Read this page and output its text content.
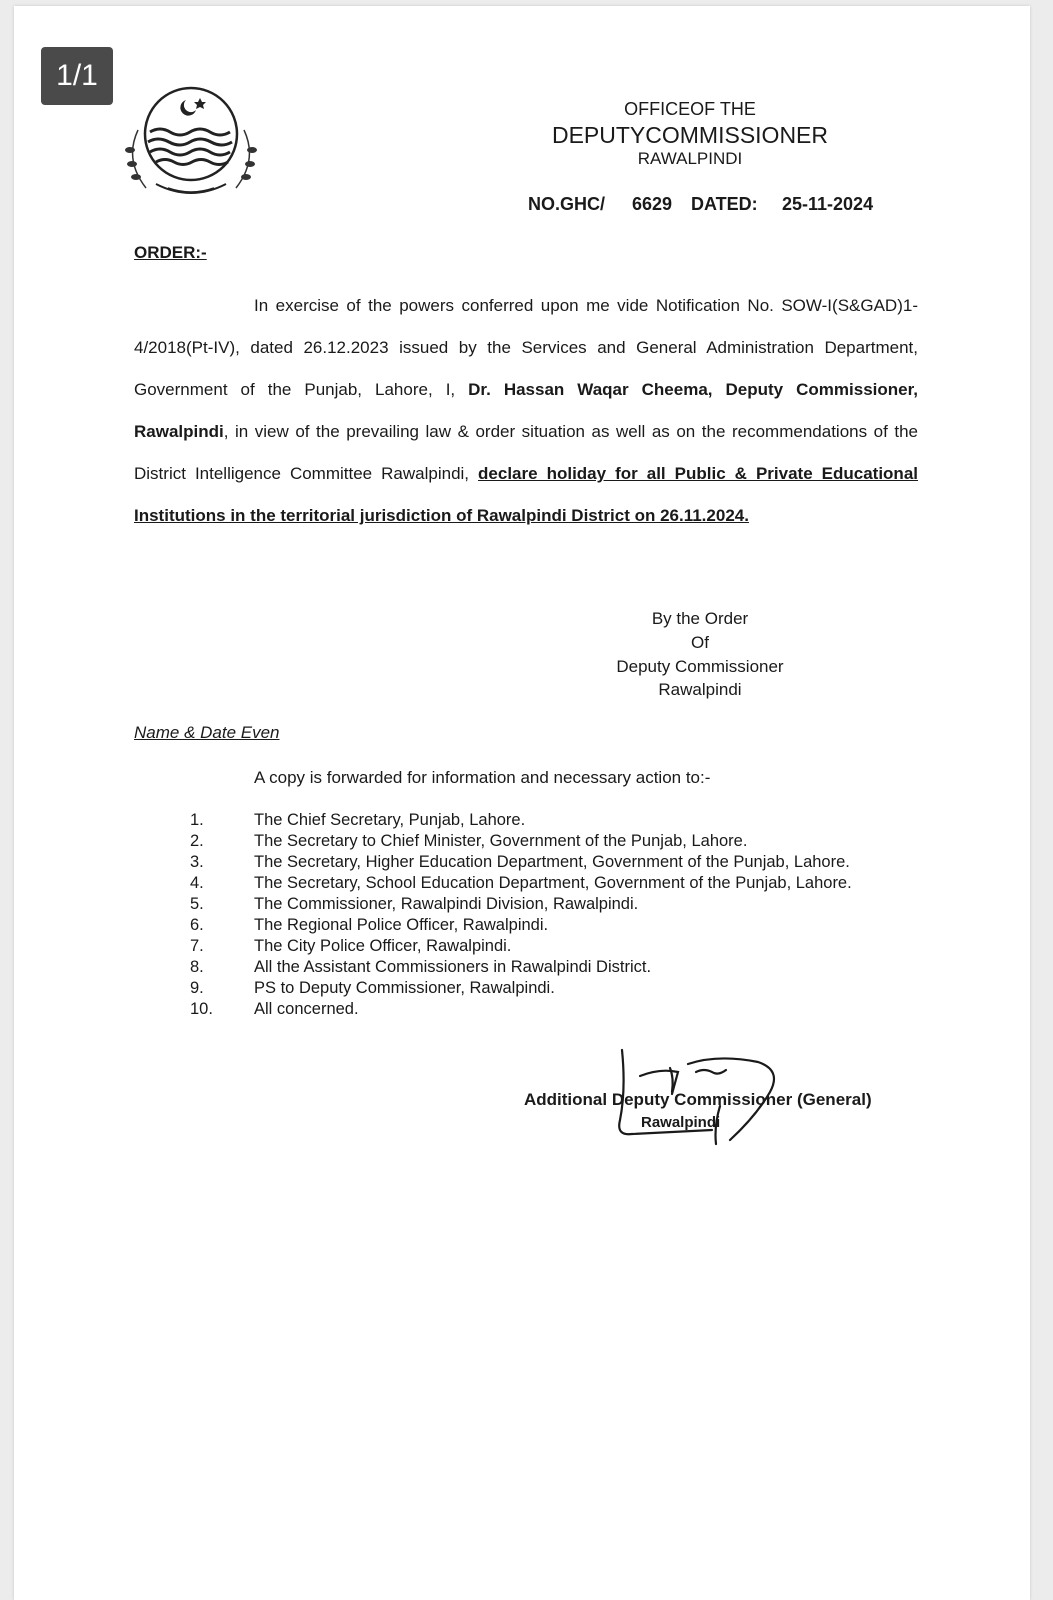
1/1
OFFICEOF THE
DEPUTYCOMMISSIONER
RAWALPINDI
NO.GHC/ 6629 DATED: 25-11-2024
ORDER:-

In exercise of the powers conferred upon me vide Notification No. SOW-I(S&GAD)1-4/2018(Pt-IV), dated 26.12.2023 issued by the Services and General Administration Department, Government of the Punjab, Lahore, I, Dr. Hassan Waqar Cheema, Deputy Commissioner, Rawalpindi, in view of the prevailing law & order situation as well as on the recommendations of the District Intelligence Committee Rawalpindi, declare holiday for all Public & Private Educational Institutions in the territorial jurisdiction of Rawalpindi District on 26.11.2024.

By the Order
Of
Deputy Commissioner
Rawalpindi
Name & Date Even
A copy is forwarded for information and necessary action to:-
1.	The Chief Secretary, Punjab, Lahore.
2.	The Secretary to Chief Minister, Government of the Punjab, Lahore.
3.	The Secretary, Higher Education Department, Government of the Punjab, Lahore.
4.	The Secretary, School Education Department, Government of the Punjab, Lahore.
5.	The Commissioner, Rawalpindi Division, Rawalpindi.
6.	The Regional Police Officer, Rawalpindi.
7.	The City Police Officer, Rawalpindi.
8.	All the Assistant Commissioners in Rawalpindi District.
9.	PS to Deputy Commissioner, Rawalpindi.
10.	All concerned.
Additional Deputy Commissioner (General)
Rawalpindi
